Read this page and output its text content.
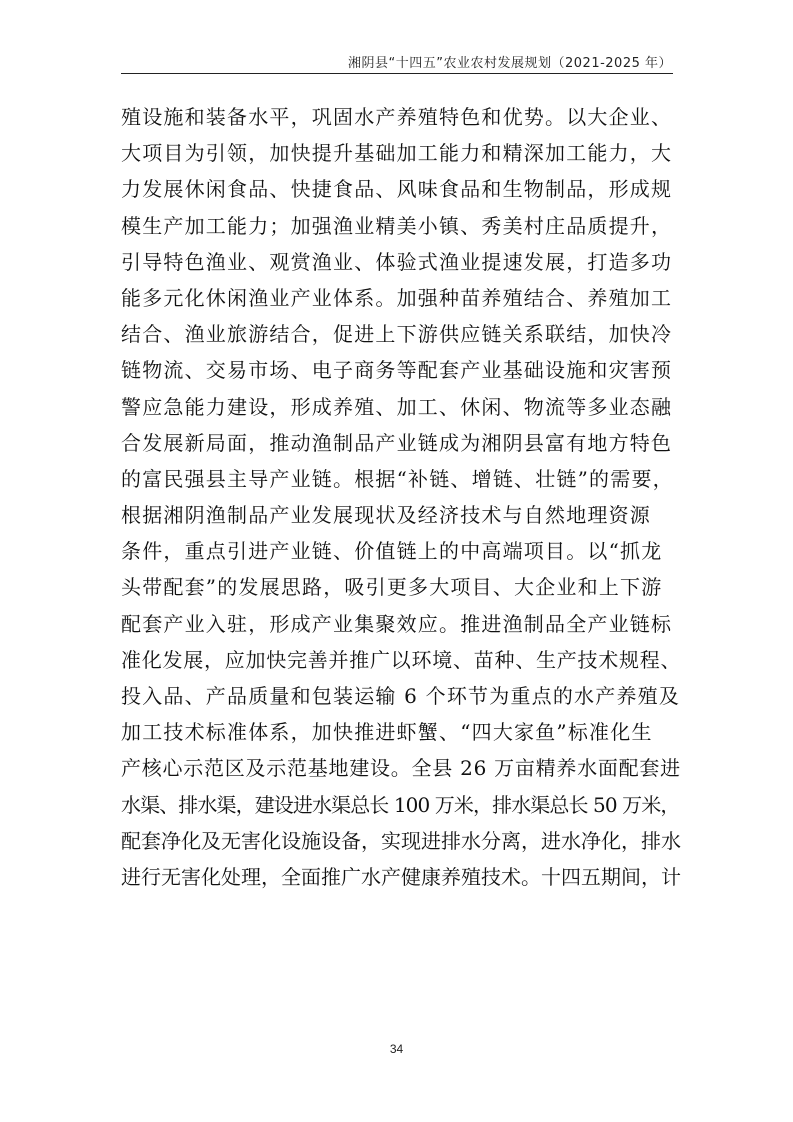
湘阴县“十四五”农业农村发展规划（2021-2025 年）
殖设施和装备水平，巩固水产养殖特色和优势。以大企业、
大项目为引领，加快提升基础加工能力和精深加工能力，大
力发展休闲食品、快捷食品、风味食品和生物制品，形成规
模生产加工能力；加强渔业精美小镇、秀美村庄品质提升，
引导特色渔业、观赏渔业、体验式渔业提速发展，打造多功
能多元化休闲渔业产业体系。加强种苗养殖结合、养殖加工
结合、渔业旅游结合，促进上下游供应链关系联结，加快冷
链物流、交易市场、电子商务等配套产业基础设施和灾害预
警应急能力建设，形成养殖、加工、休闲、物流等多业态融
合发展新局面，推动渔制品产业链成为湘阴县富有地方特色
的富民强县主导产业链。根据“补链、增链、壮链”的需要，
根据湘阴渔制品产业发展现状及经济技术与自然地理资源
条件，重点引进产业链、价值链上的中高端项目。以“抓龙
头带配套”的发展思路，吸引更多大项目、大企业和上下游
配套产业入驻，形成产业集聚效应。推进渔制品全产业链标
准化发展，应加快完善并推广以环境、苗种、生产技术规程、
投入品、产品质量和包装运输 6 个环节为重点的水产养殖及
加工技术标准体系，加快推进虾蟹、“四大家鱼”标准化生
产核心示范区及示范基地建设。全县 26 万亩精养水面配套进
水渠、排水渠，建设进水渠总长 100 万米，排水渠总长 50 万米，
配套净化及无害化设施设备，实现进排水分离，进水净化，排水
进行无害化处理，全面推广水产健康养殖技术。十四五期间，计
34
